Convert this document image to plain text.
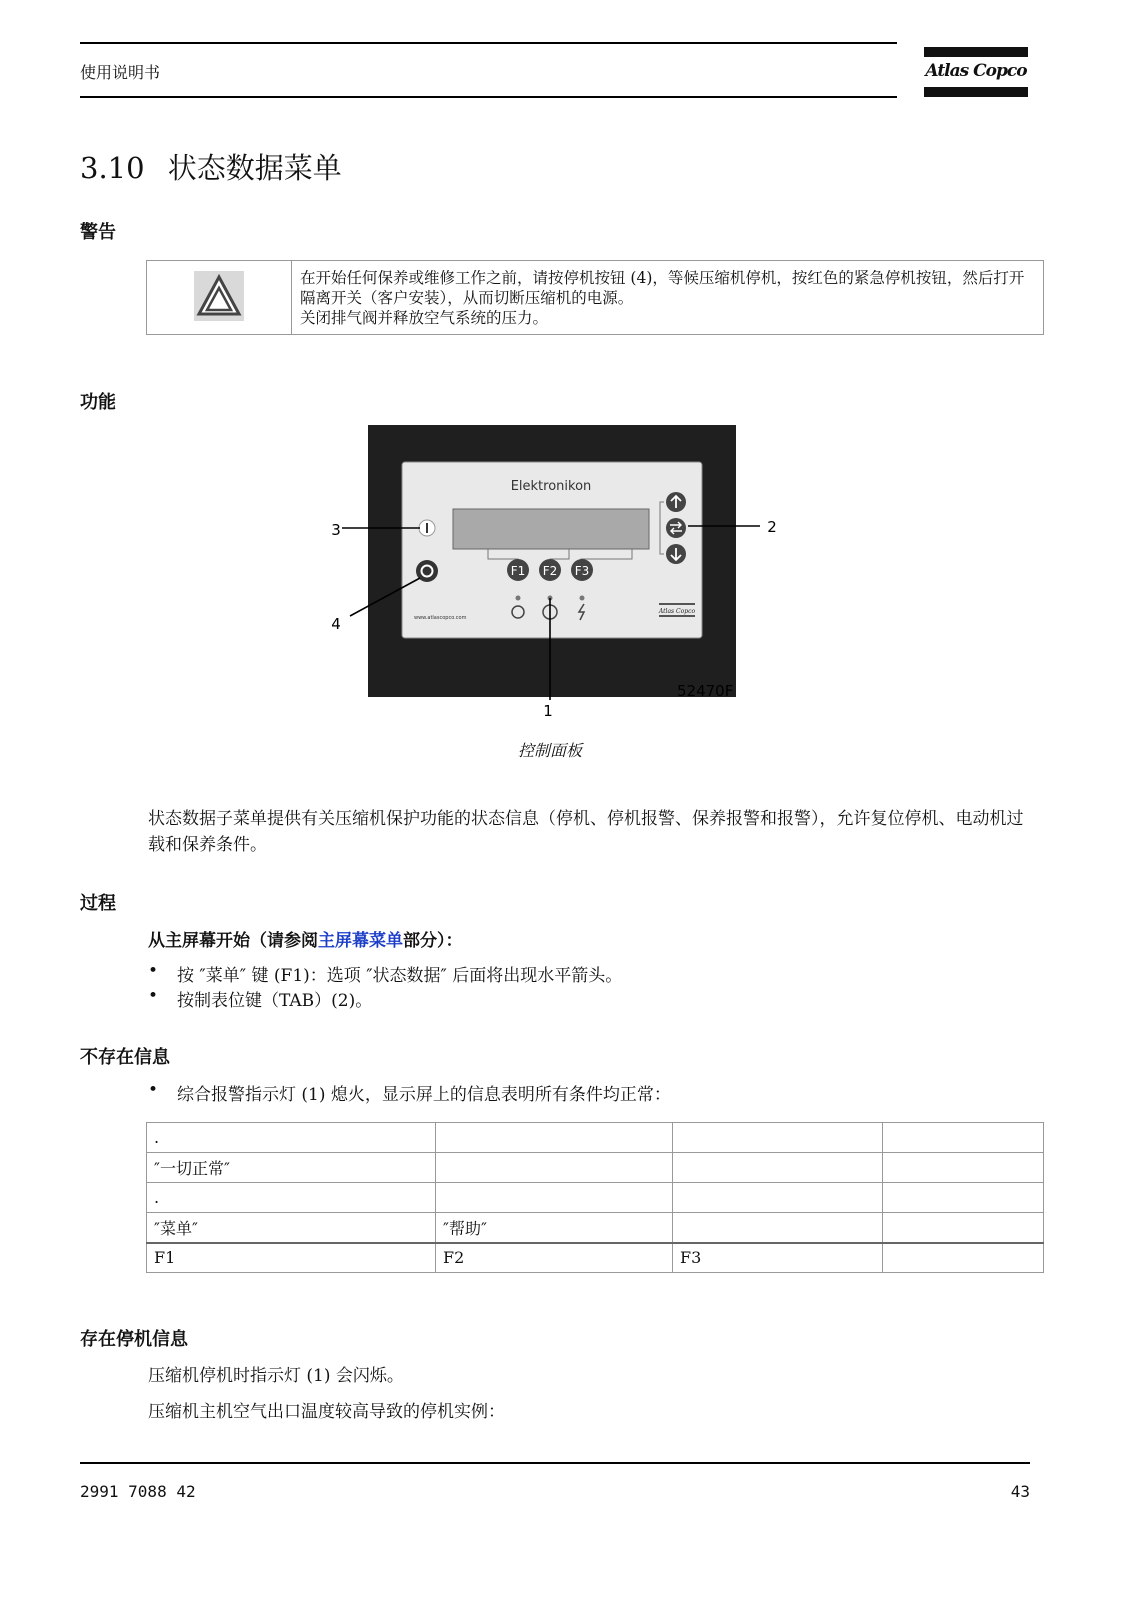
使用说明书	Atlas Copco
3.10 状态数据菜单
警告

在开始任何保养或维修工作之前，请按停机按钮 (4)，等候压缩机停机，按红色的紧急停机按钮，然后打开隔离开关（客户安装），从而切断压缩机的电源。
关闭排气阀并释放空气系统的压力。
功能
Elektronikon
F1 F2 F3
www.atlascopco.com
Atlas Copco
3	2
4
1
52470F
控制面板
状态数据子菜单提供有关压缩机保护功能的状态信息（停机、停机报警、保养报警和报警），允许复位停机、电动机过载和保养条件。
过程
从主屏幕开始（请参阅主屏幕菜单部分）：
• 按 ″菜单″ 键 (F1)：选项 ″状态数据″ 后面将出现水平箭头。
• 按制表位键（TAB）(2)。
不存在信息
• 综合报警指示灯 (1) 熄火，显示屏上的信息表明所有条件均正常：
.			
″一切正常″			
.			
″菜单″	″帮助″		
F1	F2	F3	
存在停机信息
压缩机停机时指示灯 (1) 会闪烁。
压缩机主机空气出口温度较高导致的停机实例：
2991 7088 42	43
